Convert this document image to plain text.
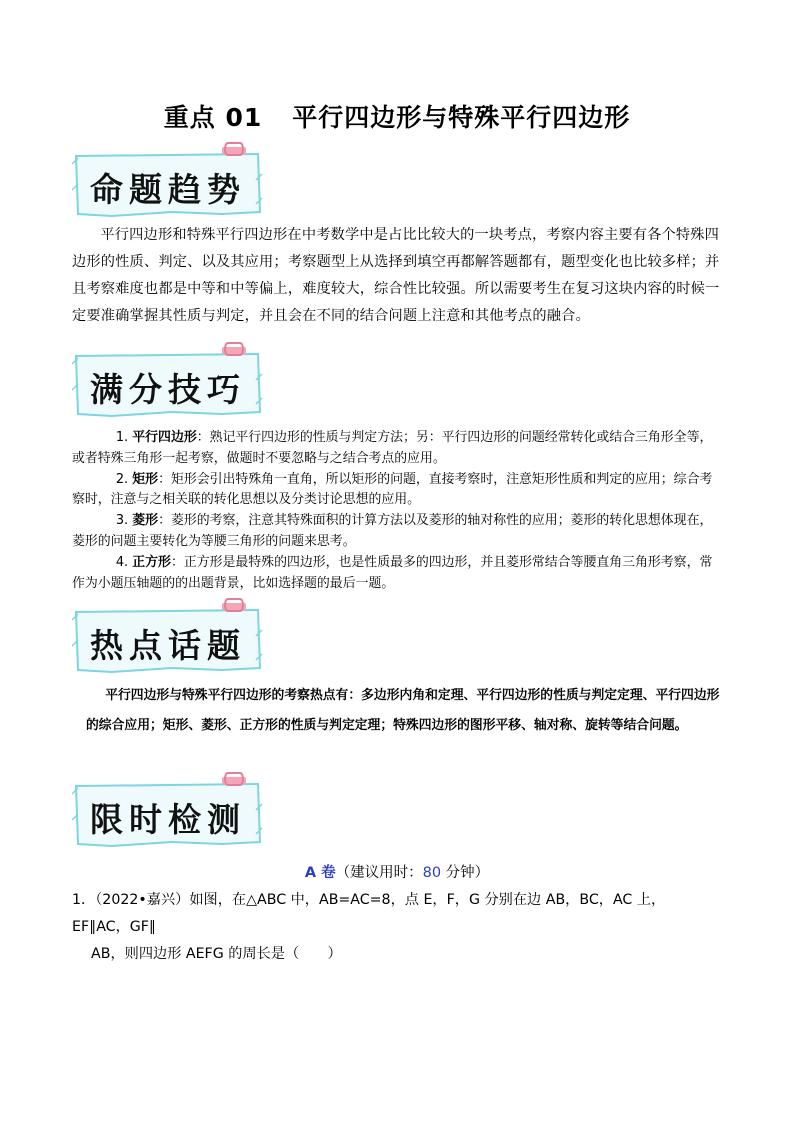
重点 01 平行四边形与特殊平行四边形
命题趋势
平行四边形和特殊平行四边形在中考数学中是占比比较大的一块考点，考察内容主要有各个特殊四边形的性质、判定、以及其应用；考察题型上从选择到填空再都解答题都有，题型变化也比较多样；并且考察难度也都是中等和中等偏上，难度较大，综合性比较强。所以需要考生在复习这块内容的时候一定要准确掌握其性质与判定，并且会在不同的结合问题上注意和其他考点的融合。
满分技巧
1. 平行四边形：熟记平行四边形的性质与判定方法；另：平行四边形的问题经常转化或结合三角形全等，或者特殊三角形一起考察，做题时不要忽略与之结合考点的应用。
2. 矩形：矩形会引出特殊角一直角，所以矩形的问题，直接考察时，注意矩形性质和判定的应用；综合考察时，注意与之相关联的转化思想以及分类讨论思想的应用。
3. 菱形：菱形的考察，注意其特殊面积的计算方法以及菱形的轴对称性的应用；菱形的转化思想体现在，菱形的问题主要转化为等腰三角形的问题来思考。
4. 正方形：正方形是最特殊的四边形，也是性质最多的四边形，并且菱形常结合等腰直角三角形考察，常作为小题压轴题的的出题背景，比如选择题的最后一题。
热点话题
平行四边形与特殊平行四边形的考察热点有：多边形内角和定理、平行四边形的性质与判定定理、平行四边形的综合应用；矩形、菱形、正方形的性质与判定定理；特殊四边形的图形平移、轴对称、旋转等结合问题。
限时检测
A 卷（建议用时：80 分钟）
1．（2022•嘉兴）如图，在△ABC 中，AB=AC=8，点 E，F，G 分别在边 AB，BC，AC 上，EF∥AC，GF∥
AB，则四边形 AEFG 的周长是（　　）
